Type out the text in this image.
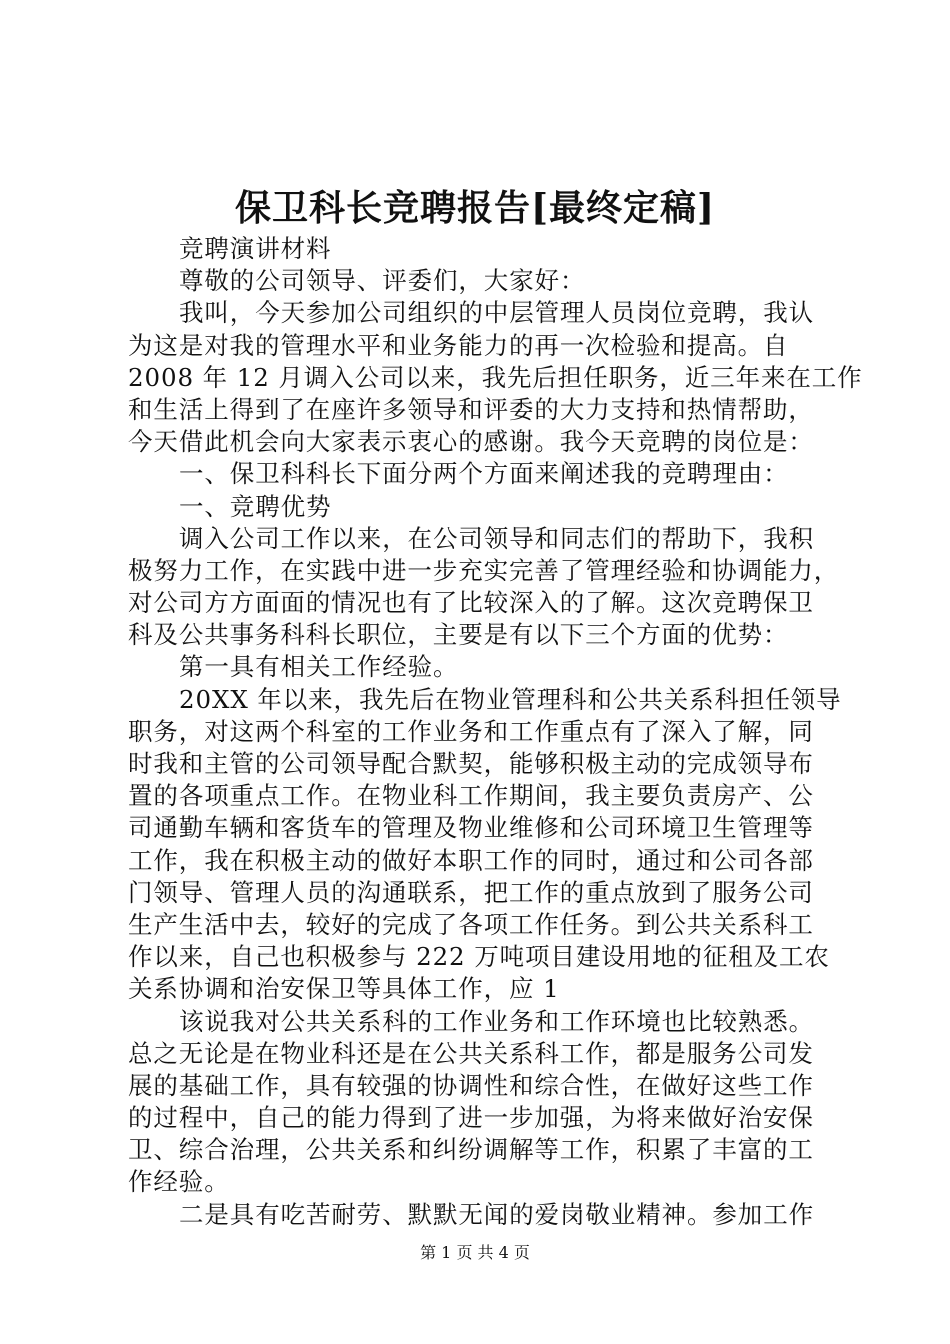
保卫科长竞聘报告[最终定稿]
竞聘演讲材料
尊敬的公司领导、评委们，大家好：
我叫，今天参加公司组织的中层管理人员岗位竞聘，我认
为这是对我的管理水平和业务能力的再一次检验和提高。自
2008 年 12 月调入公司以来，我先后担任职务，近三年来在工作
和生活上得到了在座许多领导和评委的大力支持和热情帮助，
今天借此机会向大家表示衷心的感谢。我今天竞聘的岗位是：
一、保卫科科长下面分两个方面来阐述我的竞聘理由：
一、竞聘优势
调入公司工作以来，在公司领导和同志们的帮助下，我积
极努力工作，在实践中进一步充实完善了管理经验和协调能力，
对公司方方面面的情况也有了比较深入的了解。这次竞聘保卫
科及公共事务科科长职位，主要是有以下三个方面的优势：
第一具有相关工作经验。
20XX 年以来，我先后在物业管理科和公共关系科担任领导
职务，对这两个科室的工作业务和工作重点有了深入了解，同
时我和主管的公司领导配合默契，能够积极主动的完成领导布
置的各项重点工作。在物业科工作期间，我主要负责房产、公
司通勤车辆和客货车的管理及物业维修和公司环境卫生管理等
工作，我在积极主动的做好本职工作的同时，通过和公司各部
门领导、管理人员的沟通联系，把工作的重点放到了服务公司
生产生活中去，较好的完成了各项工作任务。到公共关系科工
作以来，自己也积极参与 222 万吨项目建设用地的征租及工农
关系协调和治安保卫等具体工作，应 1
该说我对公共关系科的工作业务和工作环境也比较熟悉。
总之无论是在物业科还是在公共关系科工作，都是服务公司发
展的基础工作，具有较强的协调性和综合性，在做好这些工作
的过程中，自己的能力得到了进一步加强，为将来做好治安保
卫、综合治理，公共关系和纠纷调解等工作，积累了丰富的工
作经验。
二是具有吃苦耐劳、默默无闻的爱岗敬业精神。参加工作
第 1 页 共 4 页
